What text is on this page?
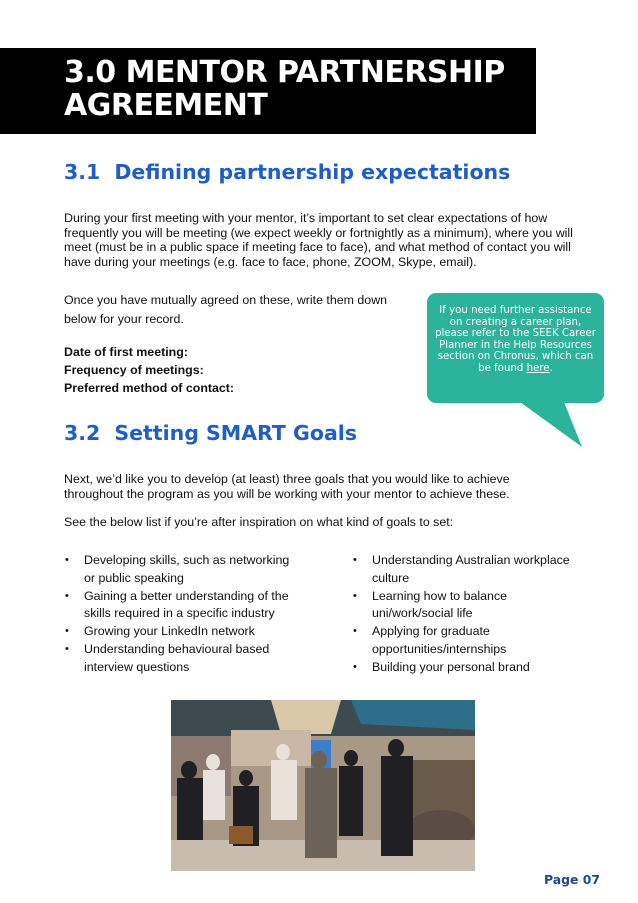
3.0 MENTOR PARTNERSHIP
AGREEMENT
3.1 Defining partnership expectations

During your first meeting with your mentor, it’s important to set clear expectations of how frequently you will be meeting (we expect weekly or fortnightly as a minimum), where you will meet (must be in a public space if meeting face to face), and what method of contact you will have during your meetings (e.g. face to face, phone, ZOOM, Skype, email).

Once you have mutually agreed on these, write them down
below for your record.

Date of first meeting:
Frequency of meetings:
Preferred method of contact:
If you need further assistance on creating a career plan, please refer to the SEEK Career Planner in the Help Resources section on Chronus, which can be found here.
3.2 Setting SMART Goals

Next, we’d like you to develop (at least) three goals that you would like to achieve throughout the program as you will be working with your mentor to achieve these.

See the below list if you’re after inspiration on what kind of goals to set:

• Developing skills, such as networking
or public speaking
• Gaining a better understanding of the
skills required in a specific industry
• Growing your LinkedIn network
• Understanding behavioural based
interview questions
• Understanding Australian workplace
culture
• Learning how to balance
uni/work/social life
• Applying for graduate
opportunities/internships
• Building your personal brand
Page 07
